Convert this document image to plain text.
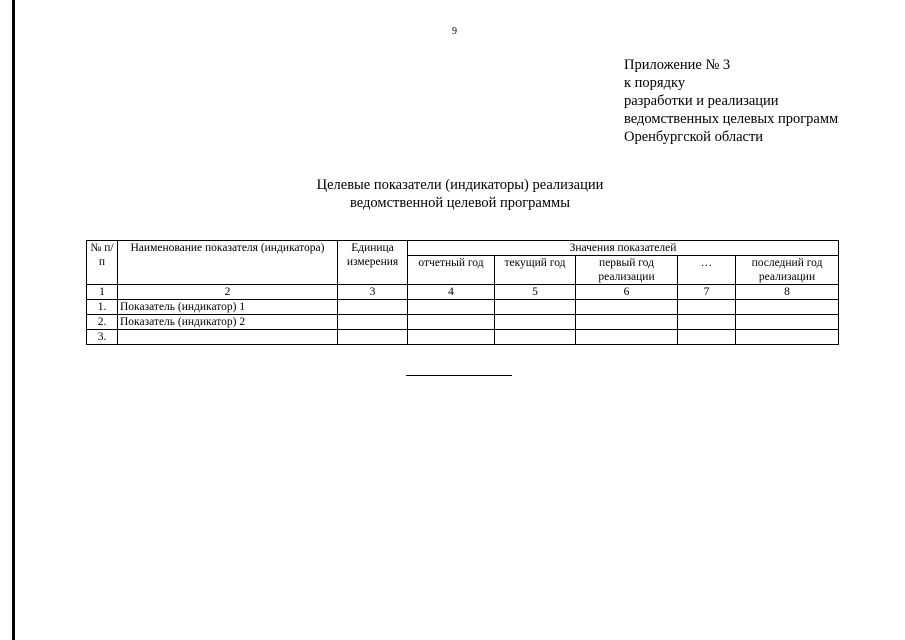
9
Приложение № 3
к порядку
разработки и реализации
ведомственных целевых программ
Оренбургской области
Целевые показатели (индикаторы) реализации
ведомственной целевой программы
№ п/п	Наименование показателя (индикатора)	Единица измерения	Значения показателей				
			отчетный год	текущий год	первый год реализации	…	последний год реализации
1	2	3	4	5	6	7	8
1.	Показатель (индикатор) 1						
2.	Показатель (индикатор) 2						
3.							
